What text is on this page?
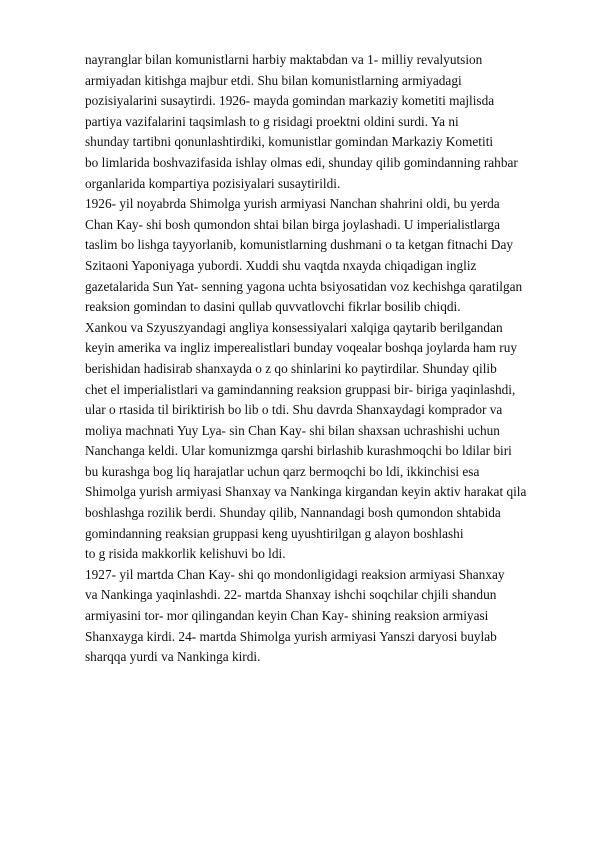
nayranglar bilan komunistlarni harbiy maktabdan va 1- milliy revalyutsion
armiyadan kitishga majbur etdi. Shu bilan komunistlarning armiyadagi
pozisiyalarini susaytirdi. 1926- mayda gomindan markaziy kometiti majlisda
partiya vazifalarini taqsimlash to g risidagi proektni oldini surdi. Ya ni
shunday tartibni qonunlashtirdiki, komunistlar gomindan Markaziy Kometiti
bo limlarida boshvazifasida ishlay olmas edi, shunday qilib gomindanning rahbar
organlarida kompartiya pozisiyalari susaytirildi.
1926- yil noyabrda Shimolga yurish armiyasi Nanchan shahrini oldi, bu yerda
Chan Kay- shi bosh qumondon shtai bilan birga joylashadi. U imperialistlarga
taslim bo lishga tayyorlanib, komunistlarning dushmani o ta ketgan fitnachi Day
Szitaoni Yaponiyaga yubordi. Xuddi shu vaqtda nxayda chiqadigan ingliz
gazetalarida Sun Yat- senning yagona uchta bsiyosatidan voz kechishga qaratilgan
reaksion gomindan to dasini qullab quvvatlovchi fikrlar bosilib chiqdi.
Xankou va Szyuszyandagi angliya konsessiyalari xalqiga qaytarib berilgandan
keyin amerika va ingliz imperealistlari bunday voqealar boshqa joylarda ham ruy
berishidan hadisirab shanxayda o z qo shinlarini ko paytirdilar. Shunday qilib
chet el imperialistlari va gamindanning reaksion gruppasi bir- biriga yaqinlashdi,
ular o rtasida til biriktirish bo lib o tdi. Shu davrda Shanxaydagi komprador va
moliya machnati Yuy Lya- sin Chan Kay- shi bilan shaxsan uchrashishi uchun
Nanchanga keldi. Ular komunizmga qarshi birlashib kurashmoqchi bo ldilar biri
bu kurashga bog liq harajatlar uchun qarz bermoqchi bo ldi, ikkinchisi esa
Shimolga yurish armiyasi Shanxay va Nankinga kirgandan keyin aktiv harakat qila
boshlashga rozilik berdi. Shunday qilib, Nannandagi bosh qumondon shtabida
gomindanning reaksian gruppasi keng uyushtirilgan g alayon boshlashi
to g risida makkorlik kelishuvi bo ldi.
1927- yil martda Chan Kay- shi qo mondonligidagi reaksion armiyasi Shanxay
va Nankinga yaqinlashdi. 22- martda Shanxay ishchi soqchilar chjili shandun
armiyasini tor- mor qilingandan keyin Chan Kay- shining reaksion armiyasi
Shanxayga kirdi. 24- martda Shimolga yurish armiyasi Yanszi daryosi buylab
sharqqa yurdi va Nankinga kirdi.
